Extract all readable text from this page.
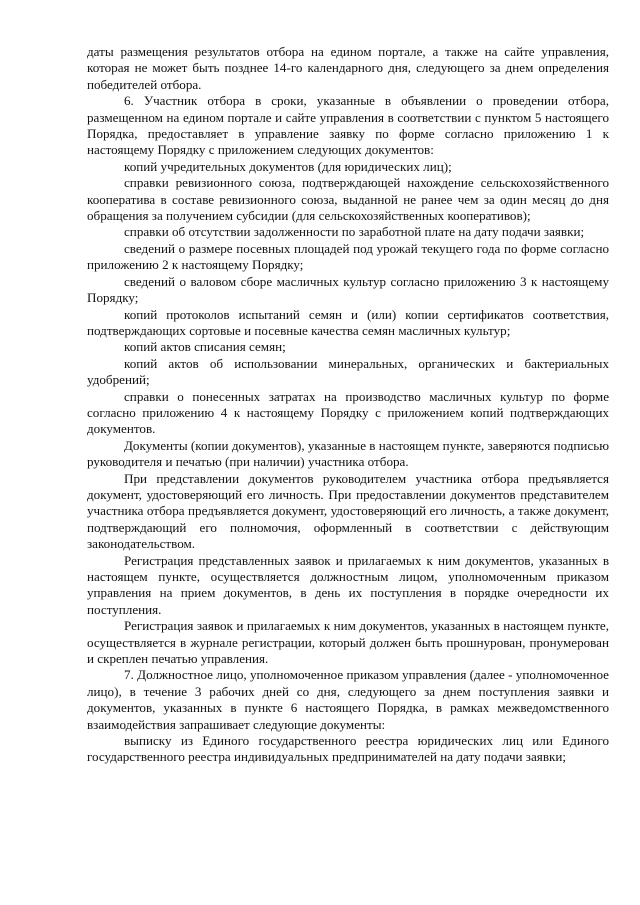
даты размещения результатов отбора на едином портале, а также на сайте управления, которая не может быть позднее 14-го календарного дня, следующего за днем определения победителей отбора.

6. Участник отбора в сроки, указанные в объявлении о проведении отбора, размещенном на едином портале и сайте управления в соответствии с пунктом 5 настоящего Порядка, предоставляет в управление заявку по форме согласно приложению 1 к настоящему Порядку с приложением следующих документов:

копий учредительных документов (для юридических лиц);

справки ревизионного союза, подтверждающей нахождение сельскохозяйственного кооператива в составе ревизионного союза, выданной не ранее чем за один месяц до дня обращения за получением субсидии (для сельскохозяйственных кооперативов);

справки об отсутствии задолженности по заработной плате на дату подачи заявки;

сведений о размере посевных площадей под урожай текущего года по форме согласно приложению 2 к настоящему Порядку;

сведений о валовом сборе масличных культур согласно приложению 3 к настоящему Порядку;

копий протоколов испытаний семян и (или) копии сертификатов соответствия, подтверждающих сортовые и посевные качества семян масличных культур;

копий актов списания семян;

копий актов об использовании минеральных, органических и бактериальных удобрений;

справки о понесенных затратах на производство масличных культур по форме согласно приложению 4 к настоящему Порядку с приложением копий подтверждающих документов.

Документы (копии документов), указанные в настоящем пункте, заверяются подписью руководителя и печатью (при наличии) участника отбора.

При представлении документов руководителем участника отбора предъявляется документ, удостоверяющий его личность. При предоставлении документов представителем участника отбора предъявляется документ, удостоверяющий его личность, а также документ, подтверждающий его полномочия, оформленный в соответствии с действующим законодательством.

Регистрация представленных заявок и прилагаемых к ним документов, указанных в настоящем пункте, осуществляется должностным лицом, уполномоченным приказом управления на прием документов, в день их поступления в порядке очередности их поступления.

Регистрация заявок и прилагаемых к ним документов, указанных в настоящем пункте, осуществляется в журнале регистрации, который должен быть прошнурован, пронумерован и скреплен печатью управления.

7. Должностное лицо, уполномоченное приказом управления (далее - уполномоченное лицо), в течение 3 рабочих дней со дня, следующего за днем поступления заявки и документов, указанных в пункте 6 настоящего Порядка, в рамках межведомственного взаимодействия запрашивает следующие документы:

выписку из Единого государственного реестра юридических лиц или Единого государственного реестра индивидуальных предпринимателей на дату подачи заявки;
